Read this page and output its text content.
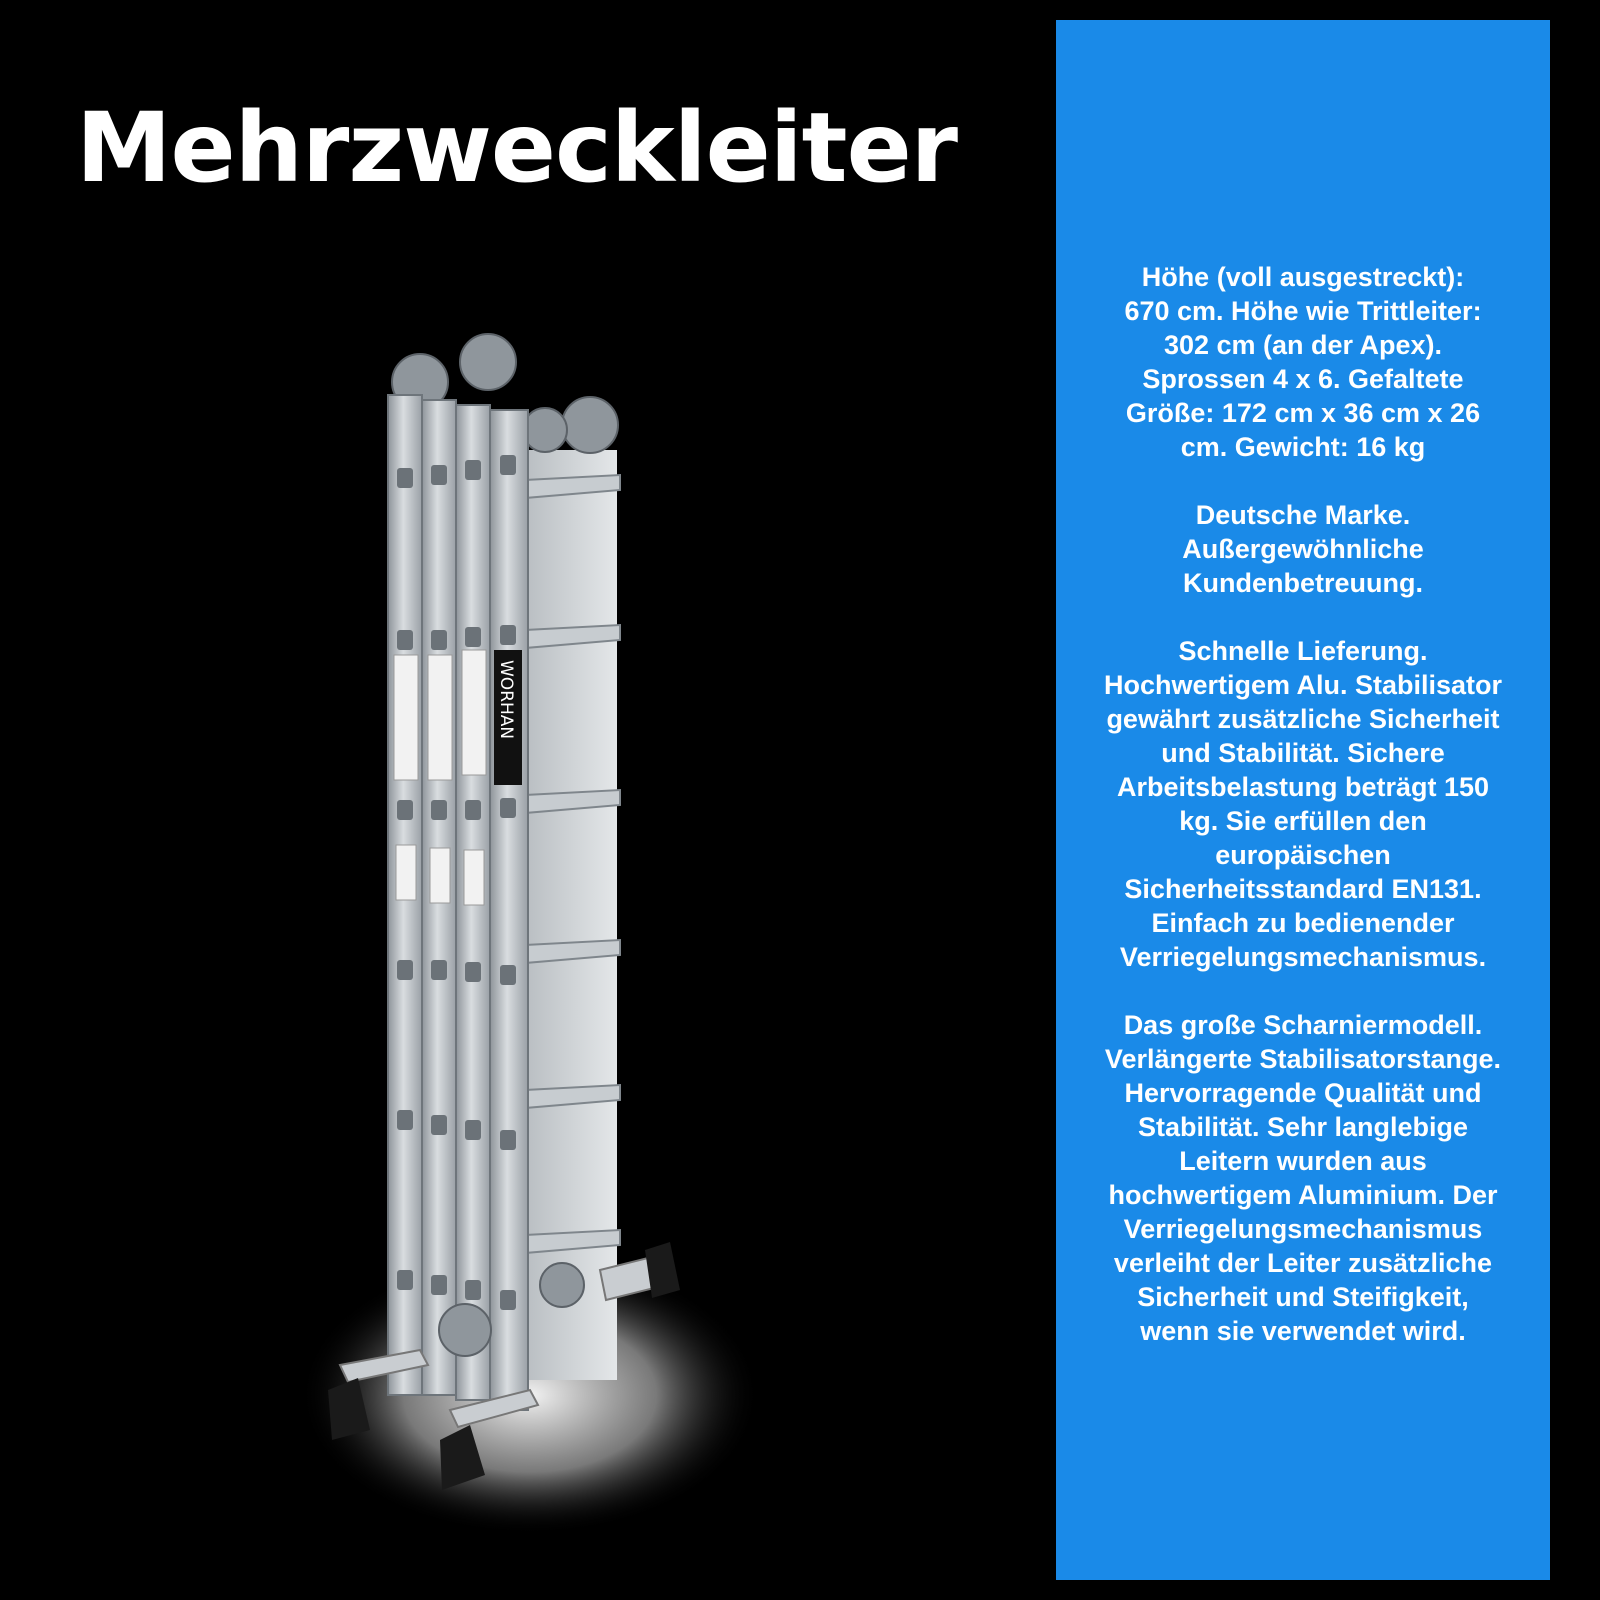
Mehrzweckleiter
WORHAN

Höhe (voll ausgestreckt):
670 cm. Höhe wie Trittleiter:
302 cm (an der Apex).
Sprossen 4 x 6. Gefaltete
Größe: 172 cm x 36 cm x 26
cm. Gewicht: 16 kg

Deutsche Marke.
Außergewöhnliche
Kundenbetreuung.

Schnelle Lieferung.
Hochwertigem Alu. Stabilisator
gewährt zusätzliche Sicherheit
und Stabilität. Sichere
Arbeitsbelastung beträgt 150
kg. Sie erfüllen den
europäischen
Sicherheitsstandard EN131.
Einfach zu bedienender
Verriegelungsmechanismus.

Das große Scharniermodell.
Verlängerte Stabilisatorstange.
Hervorragende Qualität und
Stabilität. Sehr langlebige
Leitern wurden aus
hochwertigem Aluminium. Der
Verriegelungsmechanismus
verleiht der Leiter zusätzliche
Sicherheit und Steifigkeit,
wenn sie verwendet wird.
